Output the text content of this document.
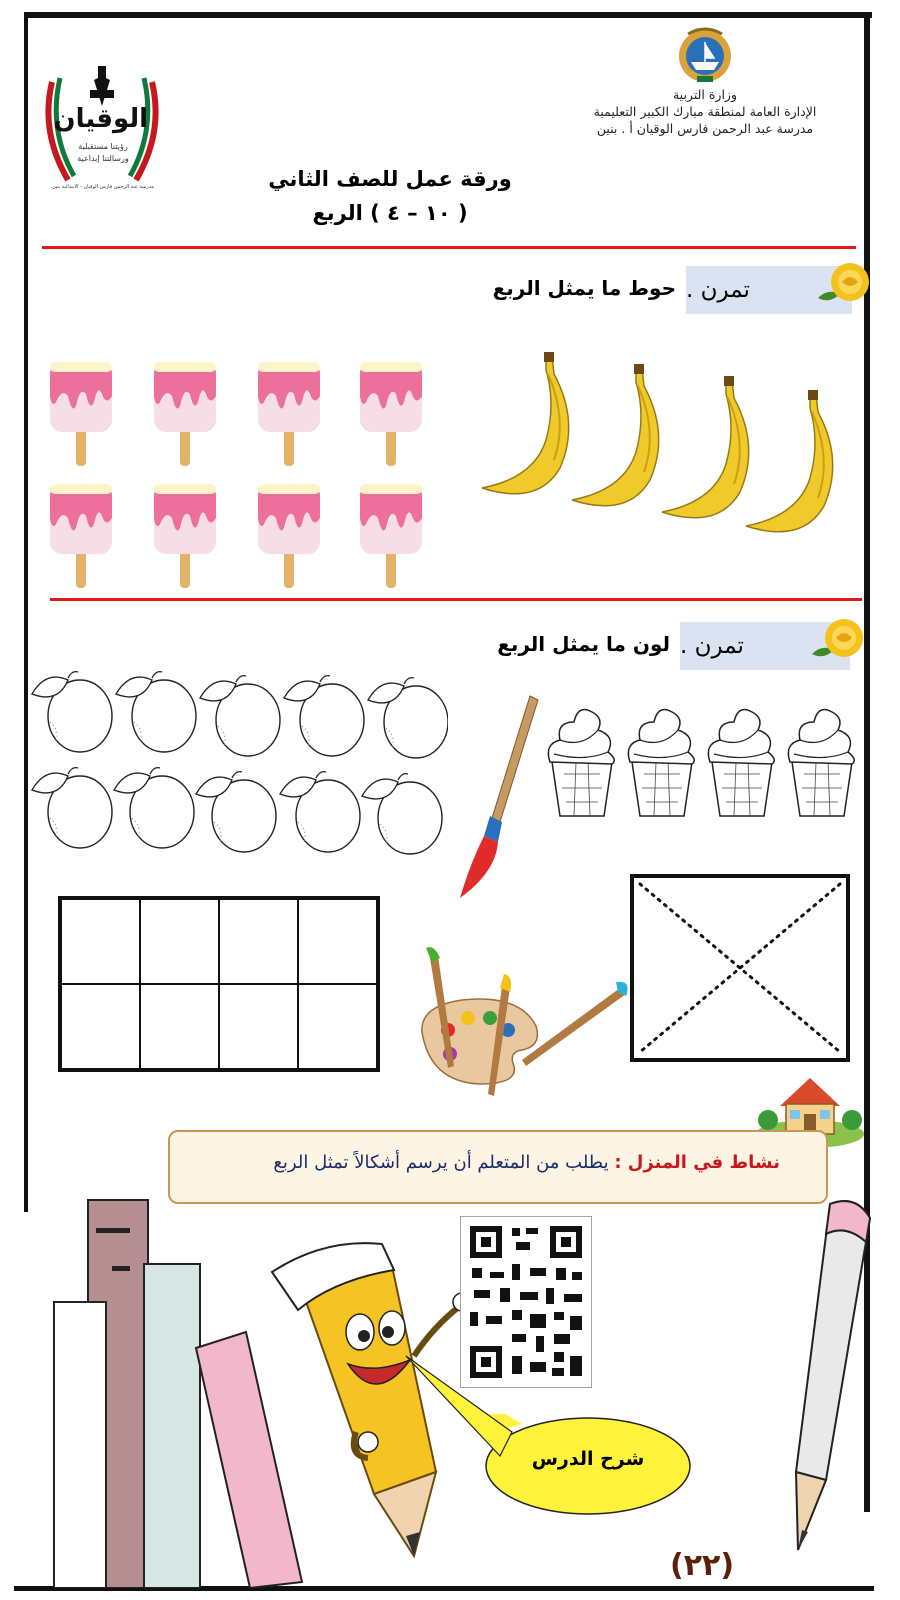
الوقيان
رؤيتنا مستقبلية
ورسالتنا إبداعية
مدرسة عبد الرحمن فارس الوقيان - الابتدائية بنين
وزارة التربية
الإدارة العامة لمنطقة مبارك الكبير التعليمية
مدرسة عبد الرحمن فارس الوقيان أ . بنين
ورقة عمل للصف الثاني
( ١٠ – ٤ ) الربع
تمرن .
حوط ما يمثل الربع
تمرن .
لون ما يمثل الربع
نشاط في المنزل : يطلب من المتعلم أن يرسم أشكالاً تمثل الربع
شرح الدرس
(٢٢)
